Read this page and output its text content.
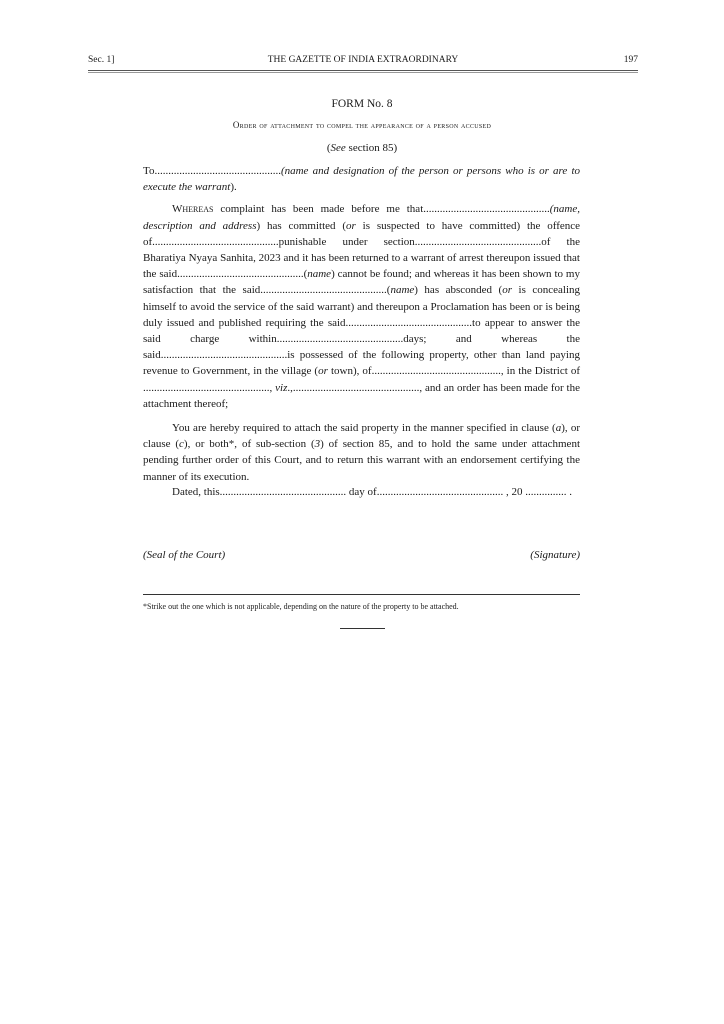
Sec. 1]	THE GAZETTE OF INDIA EXTRAORDINARY	197
FORM No. 8
Order of attachment to compel the appearance of a person accused
(See section 85)

To..............................................(name and designation of the person or persons who is or are to execute the warrant).

Whereas complaint has been made before me that..............................................(name, description and address) has committed (or is suspected to have committed) the offence of..............................................punishable under section..............................................of the Bharatiya Nyaya Sanhita, 2023 and it has been returned to a warrant of arrest thereupon issued that the said..............................................(name) cannot be found; and whereas it has been shown to my satisfaction that the said..............................................(name) has absconded (or is concealing himself to avoid the service of the said warrant) and thereupon a Proclamation has been or is being duly issued and published requiring the said..............................................to appear to answer the said charge within..............................................days; and whereas the said..............................................is possessed of the following property, other than land paying revenue to Government, in the village (or town), of..............................................., in the District of .............................................., viz.,.............................................., and an order has been made for the attachment thereof;

You are hereby required to attach the said property in the manner specified in clause (a), or clause (c), or both*, of sub-section (3) of section 85, and to hold the same under attachment pending further order of this Court, and to return this warrant with an endorsement certifying the manner of its execution.

Dated, this.............................................. day of.............................................. , 20 ............... .
(Seal of the Court)	(Signature)
*Strike out the one which is not applicable, depending on the nature of the property to be attached.
